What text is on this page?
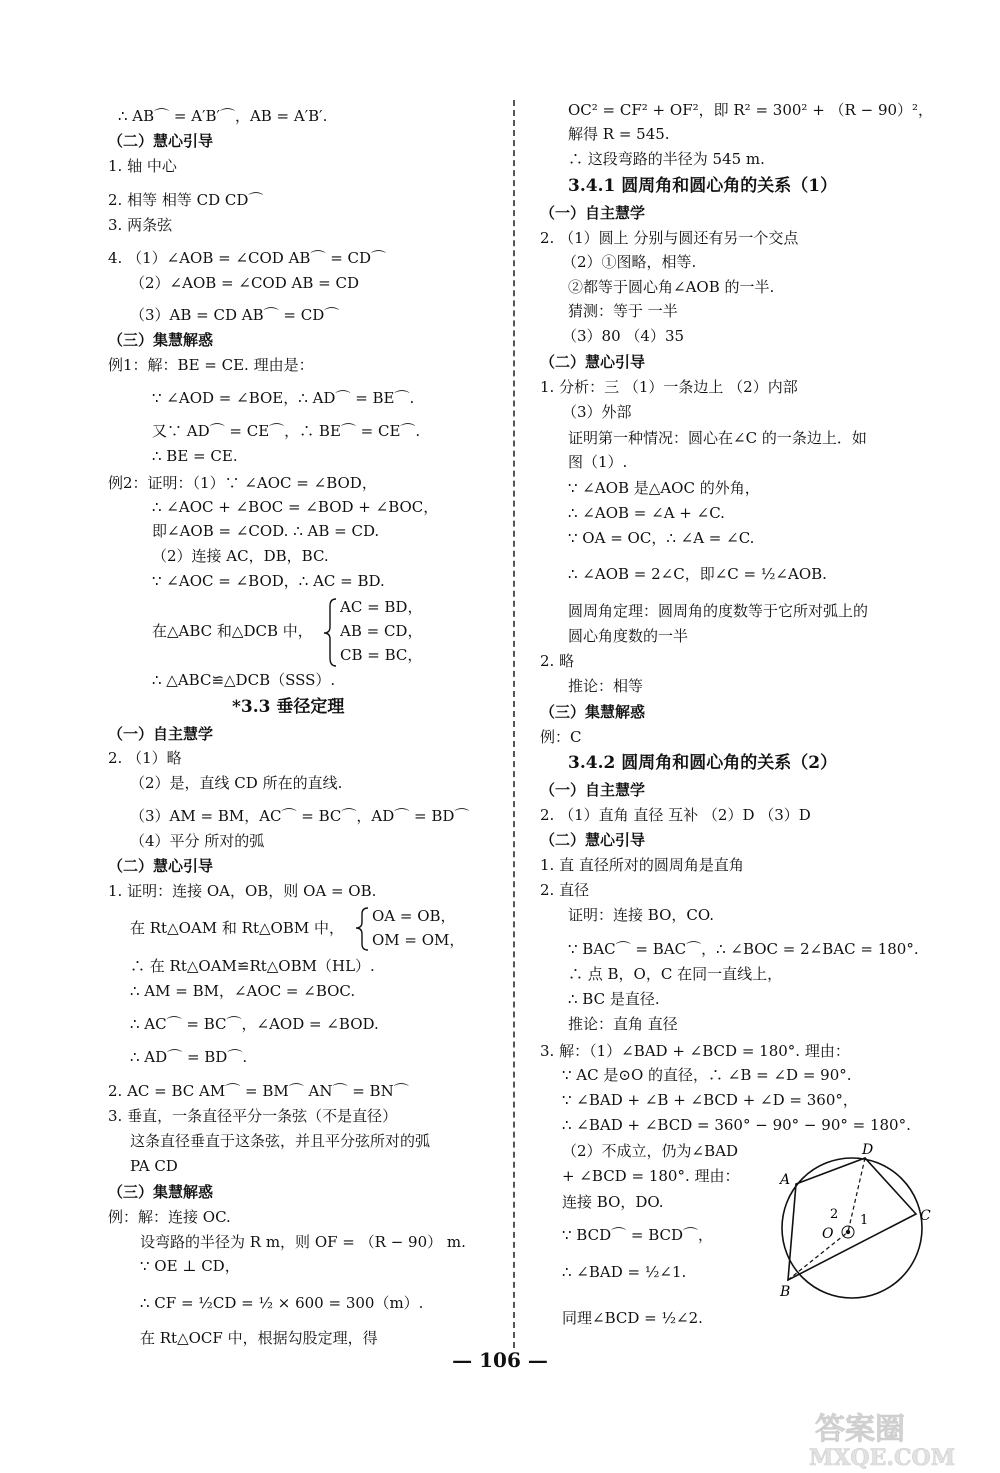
∴ AB⌒ = A′B′⌒，AB = A′B′.
（二）慧心引导
1. 轴 中心
2. 相等 相等 CD CD⌒
3. 两条弦
4. （1）∠AOB = ∠COD AB⌒ = CD⌒
（2）∠AOB = ∠COD AB = CD
（3）AB = CD AB⌒ = CD⌒
（三）集慧解惑
例1：解：BE = CE. 理由是：
∵ ∠AOD = ∠BOE，∴ AD⌒ = BE⌒.
又∵ AD⌒ = CE⌒，∴ BE⌒ = CE⌒.
∴ BE = CE.
例2：证明：（1）∵ ∠AOC = ∠BOD，
∴ ∠AOC + ∠BOC = ∠BOD + ∠BOC，
即∠AOB = ∠COD. ∴ AB = CD.
（2）连接 AC，DB，BC.
∵ ∠AOC = ∠BOD，∴ AC = BD.
在△ABC 和△DCB 中，
AC = BD，
AB = CD，
CB = BC，
∴ △ABC≌△DCB（SSS）.
*3.3 垂径定理
（一）自主慧学
2. （1）略
（2）是，直线 CD 所在的直线.
（3）AM = BM，AC⌒ = BC⌒，AD⌒ = BD⌒
（4）平分 所对的弧
（二）慧心引导
1. 证明：连接 OA，OB，则 OA = OB.
在 Rt△OAM 和 Rt△OBM 中，
OA = OB，
OM = OM，
∴ 在 Rt△OAM≌Rt△OBM（HL）.
∴ AM = BM，∠AOC = ∠BOC.
∴ AC⌒ = BC⌒，∠AOD = ∠BOD.
∴ AD⌒ = BD⌒.
2. AC = BC AM⌒ = BM⌒ AN⌒ = BN⌒
3. 垂直，一条直径平分一条弦（不是直径）
这条直径垂直于这条弦，并且平分弦所对的弧
PA CD
（三）集慧解惑
例：解：连接 OC.
设弯路的半径为 R m，则 OF = （R − 90） m.
∵ OE ⊥ CD，
∴ CF = ½CD = ½ × 600 = 300（m）.
在 Rt△OCF 中，根据勾股定理，得
OC² = CF² + OF²，即 R² = 300² + （R − 90）²，
解得 R = 545.
∴ 这段弯路的半径为 545 m.
3.4.1 圆周角和圆心角的关系（1）
（一）自主慧学
2. （1）圆上 分别与圆还有另一个交点
（2）①图略，相等.
②都等于圆心角∠AOB 的一半.
猜测：等于 一半
（3）80 （4）35
（二）慧心引导
1. 分析：三 （1）一条边上 （2）内部
（3）外部
证明第一种情况：圆心在∠C 的一条边上．如
图（1）.
∵ ∠AOB 是△AOC 的外角，
∴ ∠AOB = ∠A + ∠C.
∵ OA = OC，∴ ∠A = ∠C.
∴ ∠AOB = 2∠C，即∠C = ½∠AOB.
圆周角定理：圆周角的度数等于它所对弧上的
圆心角度数的一半
2. 略
推论：相等
（三）集慧解惑
例：C
3.4.2 圆周角和圆心角的关系（2）
（一）自主慧学
2. （1）直角 直径 互补 （2）D （3）D
（二）慧心引导
1. 直 直径所对的圆周角是直角
2. 直径
证明：连接 BO，CO.
∵ BAC⌒ = BAC⌒，∴ ∠BOC = 2∠BAC = 180°.
∴ 点 B，O，C 在同一直线上，
∴ BC 是直径.
推论：直角 直径
3. 解：（1）∠BAD + ∠BCD = 180°. 理由：
∵ AC 是⊙O 的直径，∴ ∠B = ∠D = 90°.
∵ ∠BAD + ∠B + ∠BCD + ∠D = 360°，
∴ ∠BAD + ∠BCD = 360° − 90° − 90° = 180°.
（2）不成立，仍为∠BAD
+ ∠BCD = 180°. 理由：
连接 BO，DO.
∵ BCD⌒ = BCD⌒，
∴ ∠BAD = ½∠1.
同理∠BCD = ½∠2.
A
B
C
D
O
1
2
— 106 —
答案圈
MXQE.COM
